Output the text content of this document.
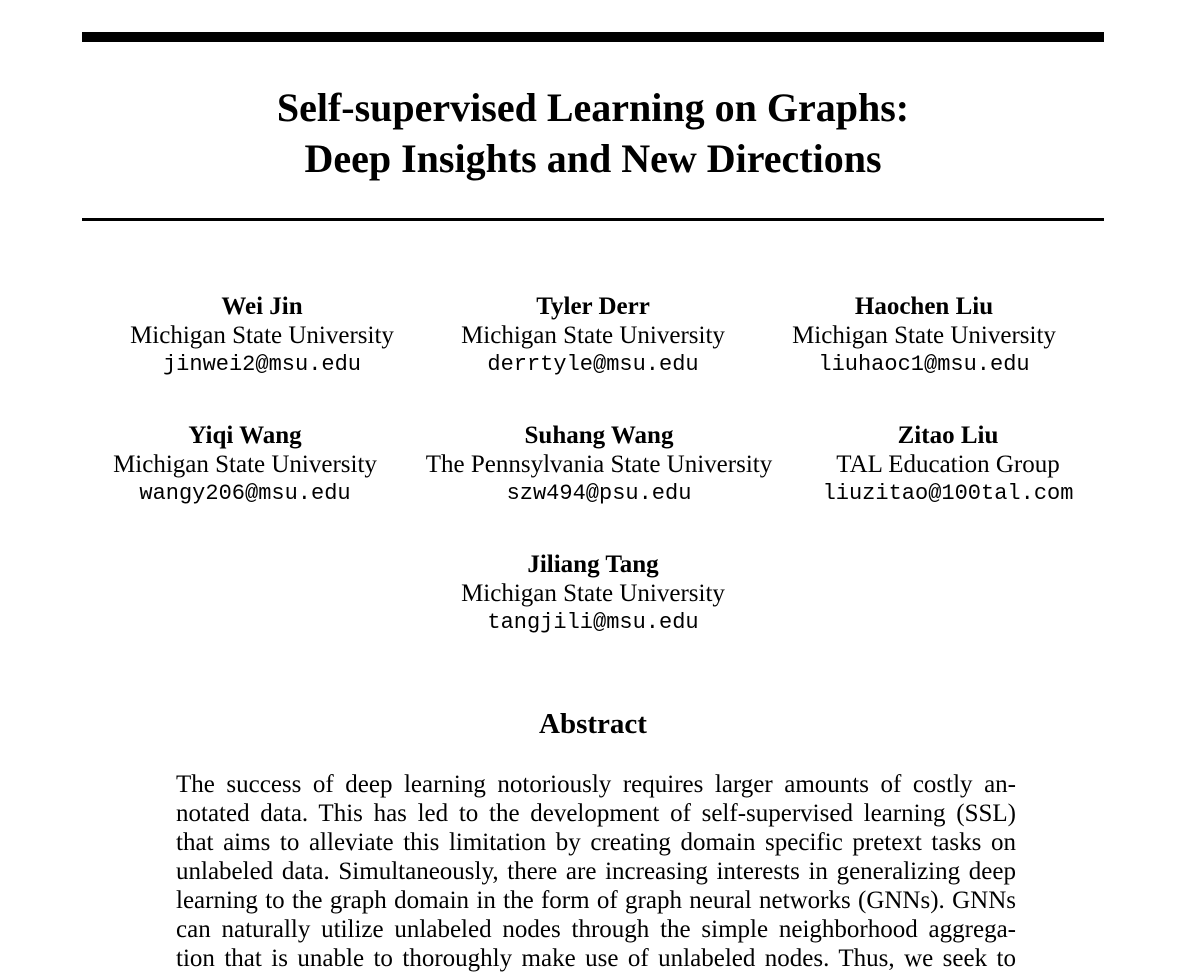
Self-supervised Learning on Graphs:
Deep Insights and New Directions
Wei Jin
Michigan State University
jinwei2@msu.edu
Tyler Derr
Michigan State University
derrtyle@msu.edu
Haochen Liu
Michigan State University
liuhaoc1@msu.edu
Yiqi Wang
Michigan State University
wangy206@msu.edu
Suhang Wang
The Pennsylvania State University
szw494@psu.edu
Zitao Liu
TAL Education Group
liuzitao@100tal.com
Jiliang Tang
Michigan State University
tangjili@msu.edu
Abstract
The success of deep learning notoriously requires larger amounts of costly an-
notated data. This has led to the development of self-supervised learning (SSL)
that aims to alleviate this limitation by creating domain specific pretext tasks on
unlabeled data. Simultaneously, there are increasing interests in generalizing deep
learning to the graph domain in the form of graph neural networks (GNNs). GNNs
can naturally utilize unlabeled nodes through the simple neighborhood aggrega-
tion that is unable to thoroughly make use of unlabeled nodes. Thus, we seek to
